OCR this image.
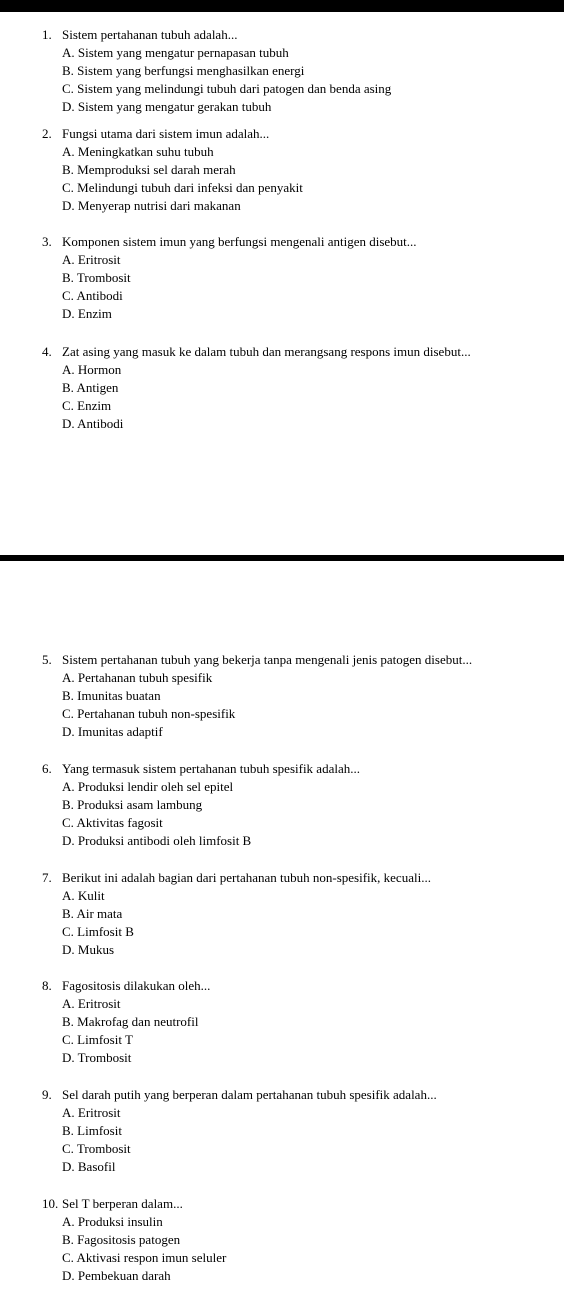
1. Sistem pertahanan tubuh adalah...
A. Sistem yang mengatur pernapasan tubuh
B. Sistem yang berfungsi menghasilkan energi
C. Sistem yang melindungi tubuh dari patogen dan benda asing
D. Sistem yang mengatur gerakan tubuh
2. Fungsi utama dari sistem imun adalah...
A. Meningkatkan suhu tubuh
B. Memproduksi sel darah merah
C. Melindungi tubuh dari infeksi dan penyakit
D. Menyerap nutrisi dari makanan
3. Komponen sistem imun yang berfungsi mengenali antigen disebut...
A. Eritrosit
B. Trombosit
C. Antibodi
D. Enzim
4. Zat asing yang masuk ke dalam tubuh dan merangsang respons imun disebut...
A. Hormon
B. Antigen
C. Enzim
D. Antibodi
5. Sistem pertahanan tubuh yang bekerja tanpa mengenali jenis patogen disebut...
A. Pertahanan tubuh spesifik
B. Imunitas buatan
C. Pertahanan tubuh non-spesifik
D. Imunitas adaptif
6. Yang termasuk sistem pertahanan tubuh spesifik adalah...
A. Produksi lendir oleh sel epitel
B. Produksi asam lambung
C. Aktivitas fagosit
D. Produksi antibodi oleh limfosit B
7. Berikut ini adalah bagian dari pertahanan tubuh non-spesifik, kecuali...
A. Kulit
B. Air mata
C. Limfosit B
D. Mukus
8. Fagositosis dilakukan oleh...
A. Eritrosit
B. Makrofag dan neutrofil
C. Limfosit T
D. Trombosit
9. Sel darah putih yang berperan dalam pertahanan tubuh spesifik adalah...
A. Eritrosit
B. Limfosit
C. Trombosit
D. Basofil
10. Sel T berperan dalam...
A. Produksi insulin
B. Fagositosis patogen
C. Aktivasi respon imun seluler
D. Pembekuan darah
